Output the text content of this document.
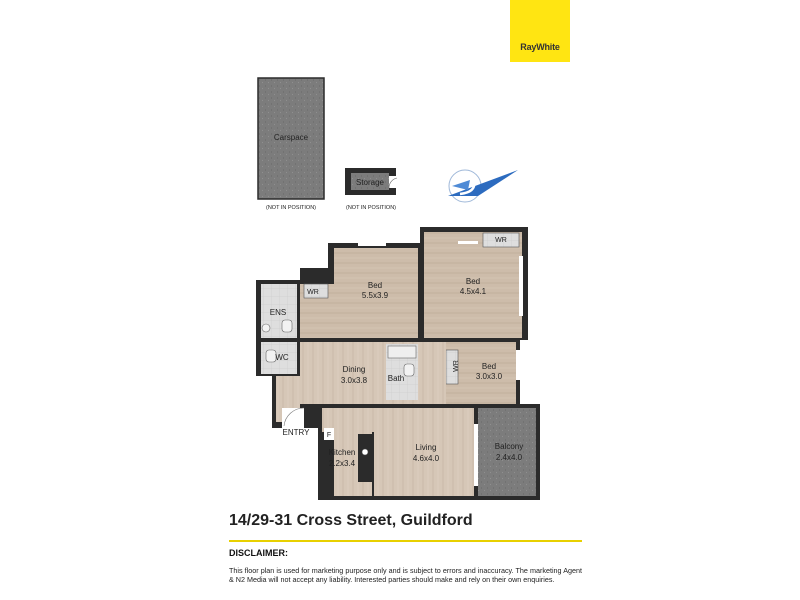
RayWhite
Carspace
(NOT IN POSITION)
Storage
(NOT IN POSITION)
WR
WR
WR
ENS
WC
Bath
F
Bed
5.5x3.9
Bed
4.5x4.1
Bed
3.0x3.0
Dining
3.0x3.8
ENTRY
Kitchen
2.2x3.4
Living
4.6x4.0
Balcony
2.4x4.0
14/29-31 Cross Street, Guildford
DISCLAIMER:
This floor plan is used for marketing purpose only and is subject to errors and inaccuracy. The marketing Agent & N2 Media will not accept any liability. Interested parties should make and rely on their own enquiries.
